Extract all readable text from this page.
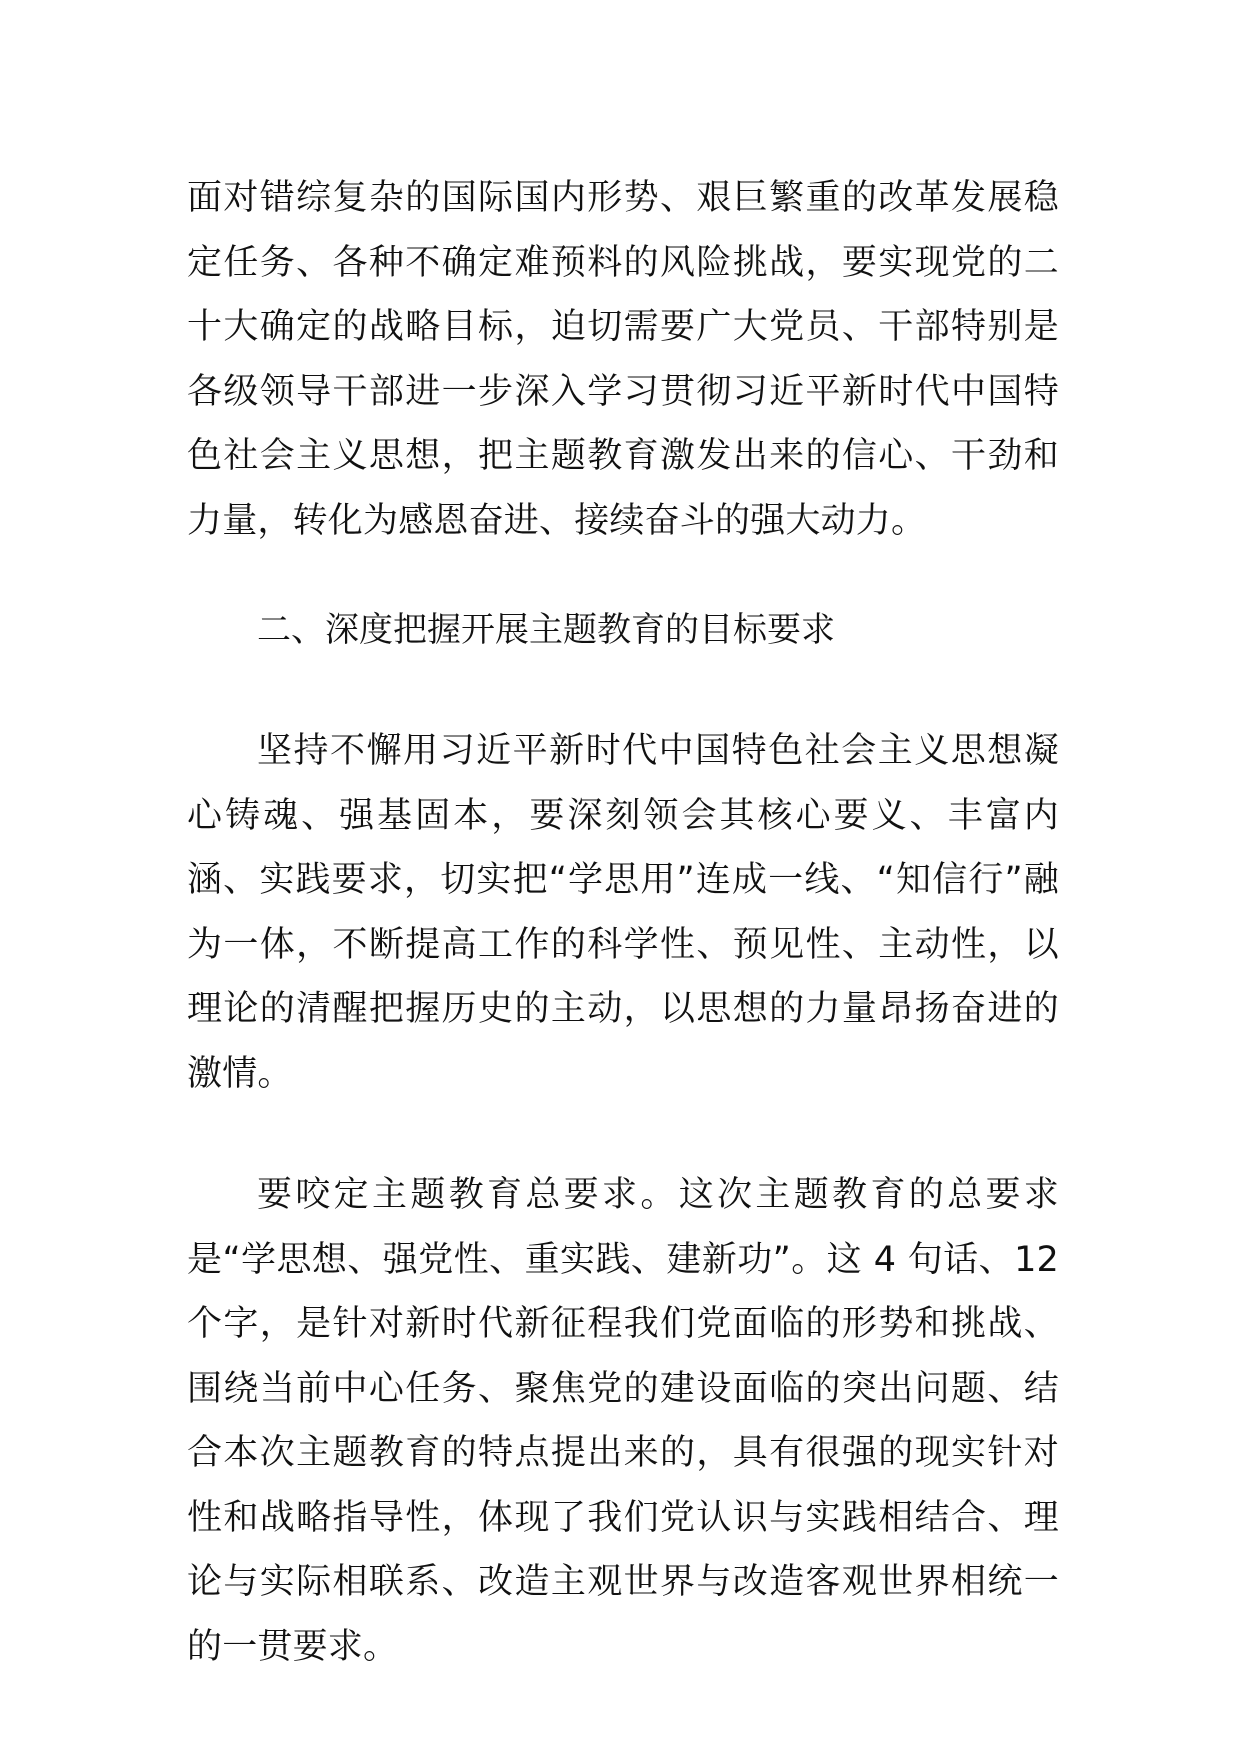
面对错综复杂的国际国内形势、艰巨繁重的改革发展稳定任务、各种不确定难预料的风险挑战，要实现党的二十大确定的战略目标，迫切需要广大党员、干部特别是各级领导干部进一步深入学习贯彻习近平新时代中国特色社会主义思想，把主题教育激发出来的信心、干劲和力量，转化为感恩奋进、接续奋斗的强大动力。

二、深度把握开展主题教育的目标要求

坚持不懈用习近平新时代中国特色社会主义思想凝心铸魂、强基固本，要深刻领会其核心要义、丰富内涵、实践要求，切实把“学思用”连成一线、“知信行”融为一体，不断提高工作的科学性、预见性、主动性，以理论的清醒把握历史的主动，以思想的力量昂扬奋进的激情。

要咬定主题教育总要求。这次主题教育的总要求是“学思想、强党性、重实践、建新功”。这 4 句话、12 个字，是针对新时代新征程我们党面临的形势和挑战、围绕当前中心任务、聚焦党的建设面临的突出问题、结合本次主题教育的特点提出来的，具有很强的现实针对性和战略指导性，体现了我们党认识与实践相结合、理论与实际相联系、改造主观世界与改造客观世界相统一的一贯要求。
